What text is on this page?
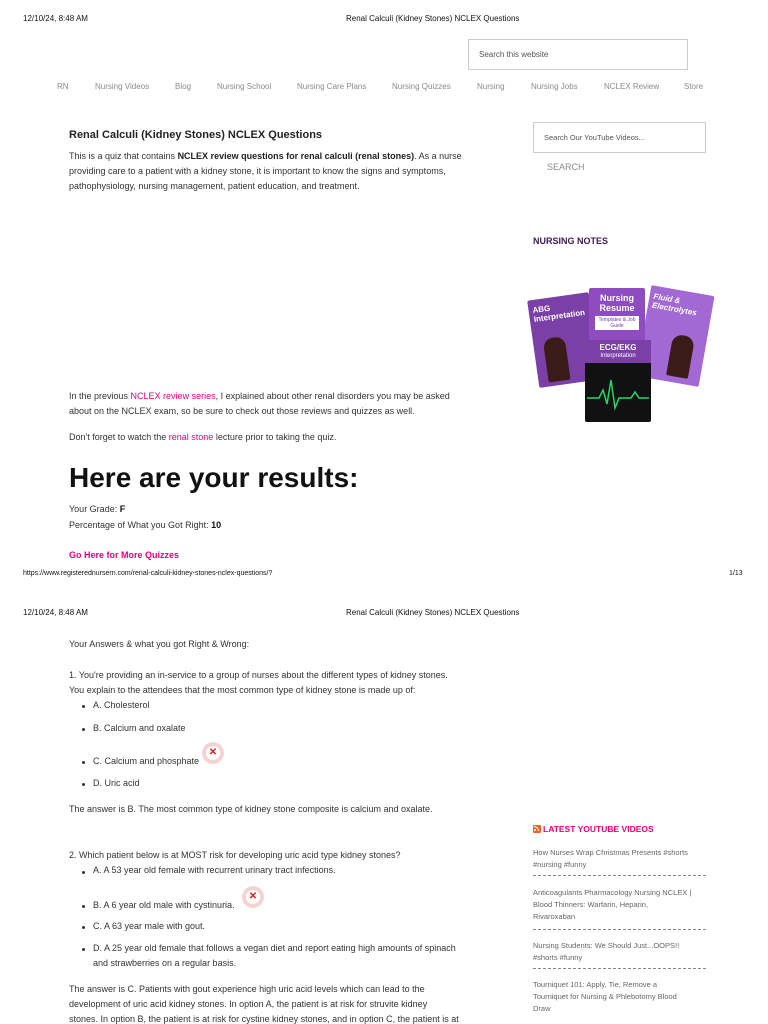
12/10/24, 8:48 AM	Renal Calculi (Kidney Stones) NCLEX Questions
Search this website
RN	Nursing Videos	Blog	Nursing School	Nursing Care Plans	Nursing Quizzes	Nursing	Nursing Jobs	NCLEX Review	Store
Renal Calculi (Kidney Stones) NCLEX Questions
This is a quiz that contains NCLEX review questions for renal calculi (renal stones). As a nurse
providing care to a patient with a kidney stone, it is important to know the signs and symptoms,
pathophysiology, nursing management, patient education, and treatment.
In the previous NCLEX review series, I explained about other renal disorders you may be asked
about on the NCLEX exam, so be sure to check out those reviews and quizzes as well.
Don't forget to watch the renal stone lecture prior to taking the quiz.
Here are your results:
Your Grade: F
Percentage of What you Got Right: 10
Go Here for More Quizzes
https://www.registerednursern.com/renal-calculi-kidney-stones-nclex-questions/?	1/13
Search Our YouTube Videos...
SEARCH
NURSING NOTES
ABG Interpretation
Fluid & Electrolytes
Nursing Resume
Templates & Job Guide
ECG/EKG
Interpretation
12/10/24, 8:48 AM	Renal Calculi (Kidney Stones) NCLEX Questions
Your Answers & what you got Right & Wrong:
1. You're providing an in-service to a group of nurses about the different types of kidney stones.
You explain to the attendees that the most common type of kidney stone is made up of:
A. Cholesterol
B. Calcium and oxalate
C. Calcium and phosphate
✕
D. Uric acid
The answer is B. The most common type of kidney stone composite is calcium and oxalate.
2. Which patient below is at MOST risk for developing uric acid type kidney stones?
A. A 53 year old female with recurrent urinary tract infections.
B. A 6 year old male with cystinuria.
✕
C. A 63 year male with gout.
D. A 25 year old female that follows a vegan diet and report eating high amounts of spinach
and strawberries on a regular basis.
The answer is C. Patients with gout experience high uric acid levels which can lead to the
development of uric acid kidney stones. In option A, the patient is at risk for struvite kidney
stones. In option B, the patient is at risk for cystine kidney stones, and in option C, the patient is at
LATEST YOUTUBE VIDEOS
How Nurses Wrap Christmas Presents #shorts
#nursing #funny
Anticoagulants Pharmacology Nursing NCLEX |
Blood Thinners: Warfarin, Heparin,
Rivaroxaban
Nursing Students: We Should Just...OOPS!!
#shorts #funny
Tourniquet 101: Apply, Tie, Remove a
Tourniquet for Nursing & Phlebotomy Blood
Draw
